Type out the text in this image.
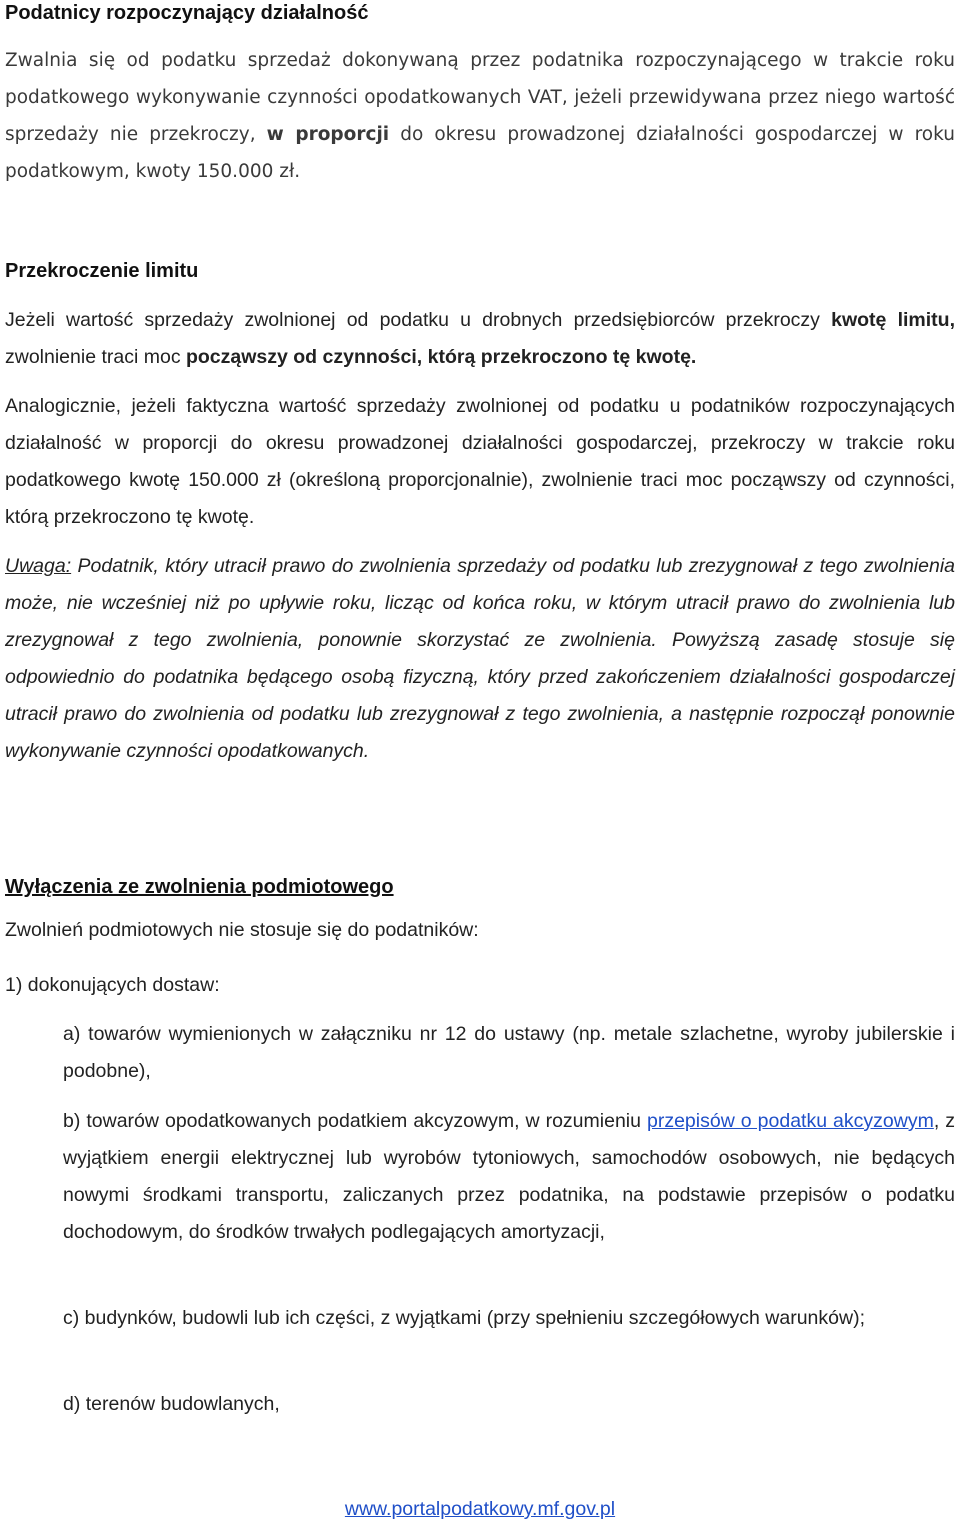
Podatnicy rozpoczynający działalność

Zwalnia się od podatku sprzedaż dokonywaną przez podatnika rozpoczynającego w trakcie roku podatkowego wykonywanie czynności opodatkowanych VAT, jeżeli przewidywana przez niego wartość sprzedaży nie przekroczy, w proporcji do okresu prowadzonej działalności gospodarczej w roku podatkowym, kwoty 150.000 zł.

Przekroczenie limitu

Jeżeli wartość sprzedaży zwolnionej od podatku u drobnych przedsiębiorców przekroczy kwotę limitu, zwolnienie traci moc począwszy od czynności, którą przekroczono tę kwotę.

Analogicznie, jeżeli faktyczna wartość sprzedaży zwolnionej od podatku u podatników rozpoczynających działalność w proporcji do okresu prowadzonej działalności gospodarczej, przekroczy w trakcie roku podatkowego kwotę 150.000 zł (określoną proporcjonalnie), zwolnienie traci moc począwszy od czynności, którą przekroczono tę kwotę.

Uwaga: Podatnik, który utracił prawo do zwolnienia sprzedaży od podatku lub zrezygnował z tego zwolnienia może, nie wcześniej niż po upływie roku, licząc od końca roku, w którym utracił prawo do zwolnienia lub zrezygnował z tego zwolnienia, ponownie skorzystać ze zwolnienia. Powyższą zasadę stosuje się odpowiednio do podatnika będącego osobą fizyczną, który przed zakończeniem działalności gospodarczej utracił prawo do zwolnienia od podatku lub zrezygnował z tego zwolnienia, a następnie rozpoczął ponownie wykonywanie czynności opodatkowanych.

Wyłączenia ze zwolnienia podmiotowego

Zwolnień podmiotowych nie stosuje się do podatników:

1) dokonujących dostaw:

a) towarów wymienionych w załączniku nr 12 do ustawy (np. metale szlachetne, wyroby jubilerskie i podobne),

b) towarów opodatkowanych podatkiem akcyzowym, w rozumieniu przepisów o podatku akcyzowym, z wyjątkiem energii elektrycznej lub wyrobów tytoniowych, samochodów osobowych, nie będących nowymi środkami transportu, zaliczanych przez podatnika, na podstawie przepisów o podatku dochodowym, do środków trwałych podlegających amortyzacji,

c) budynków, budowli lub ich części, z wyjątkami (przy spełnieniu szczegółowych warunków);

d) terenów budowlanych,

www.portalpodatkowy.mf.gov.pl
